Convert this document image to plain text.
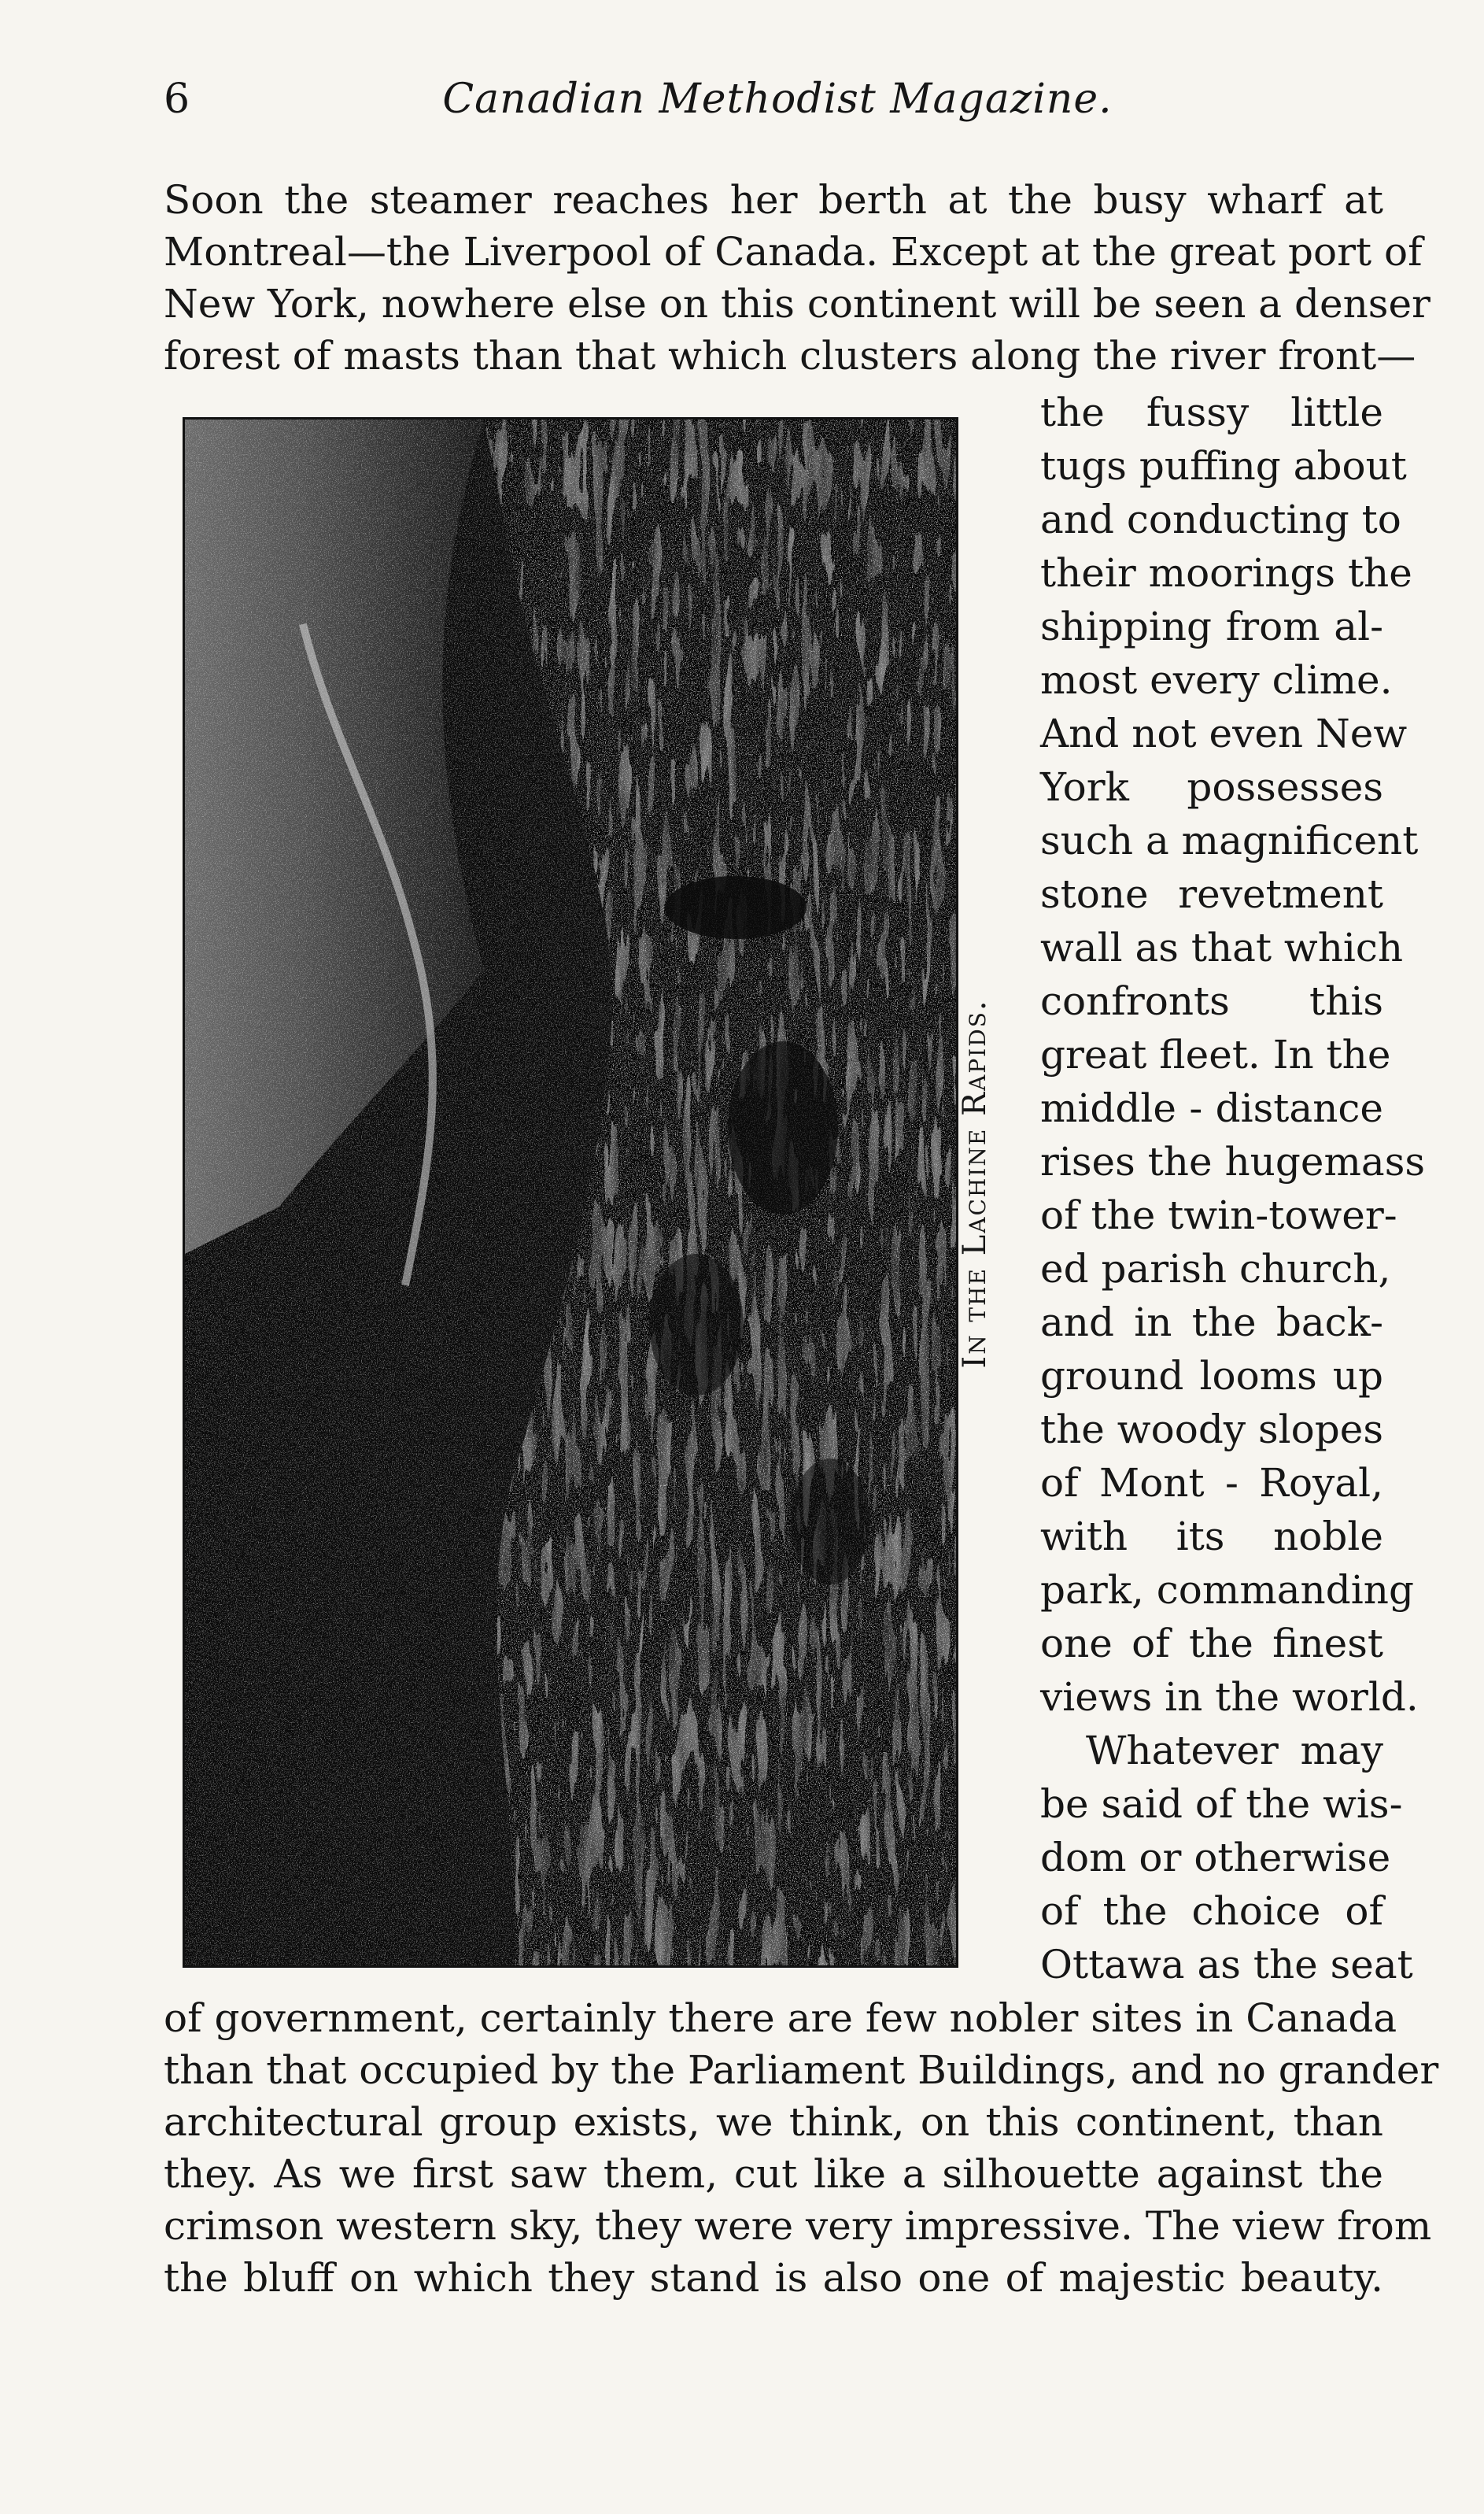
6	Canadian Methodist Magazine.
Soon the steamer reaches her berth at the busy wharf at
Montreal—the Liverpool of Canada. Except at the great port of
New York, nowhere else on this continent will be seen a denser
forest of masts than that which clusters along the river front—
In the Lachine Rapids.
the fussy little
tugs puffing about
and conducting to
their moorings the
shipping from al-
most every clime.
And not even New
York possesses
such a magnificent
stone revetment
wall as that which
confronts this
great fleet. In the
middle - distance
rises the hugemass
of the twin-tower-
ed parish church,
and in the back-
ground looms up
the woody slopes
of Mont - Royal,
with its noble
park, commanding
one of the finest
views in the world.
Whatever may
be said of the wis-
dom or otherwise
of the choice of
Ottawa as the seat
of government, certainly there are few nobler sites in Canada
than that occupied by the Parliament Buildings, and no grander
architectural group exists, we think, on this continent, than
they. As we first saw them, cut like a silhouette against the
crimson western sky, they were very impressive. The view from
the bluff on which they stand is also one of majestic beauty.
